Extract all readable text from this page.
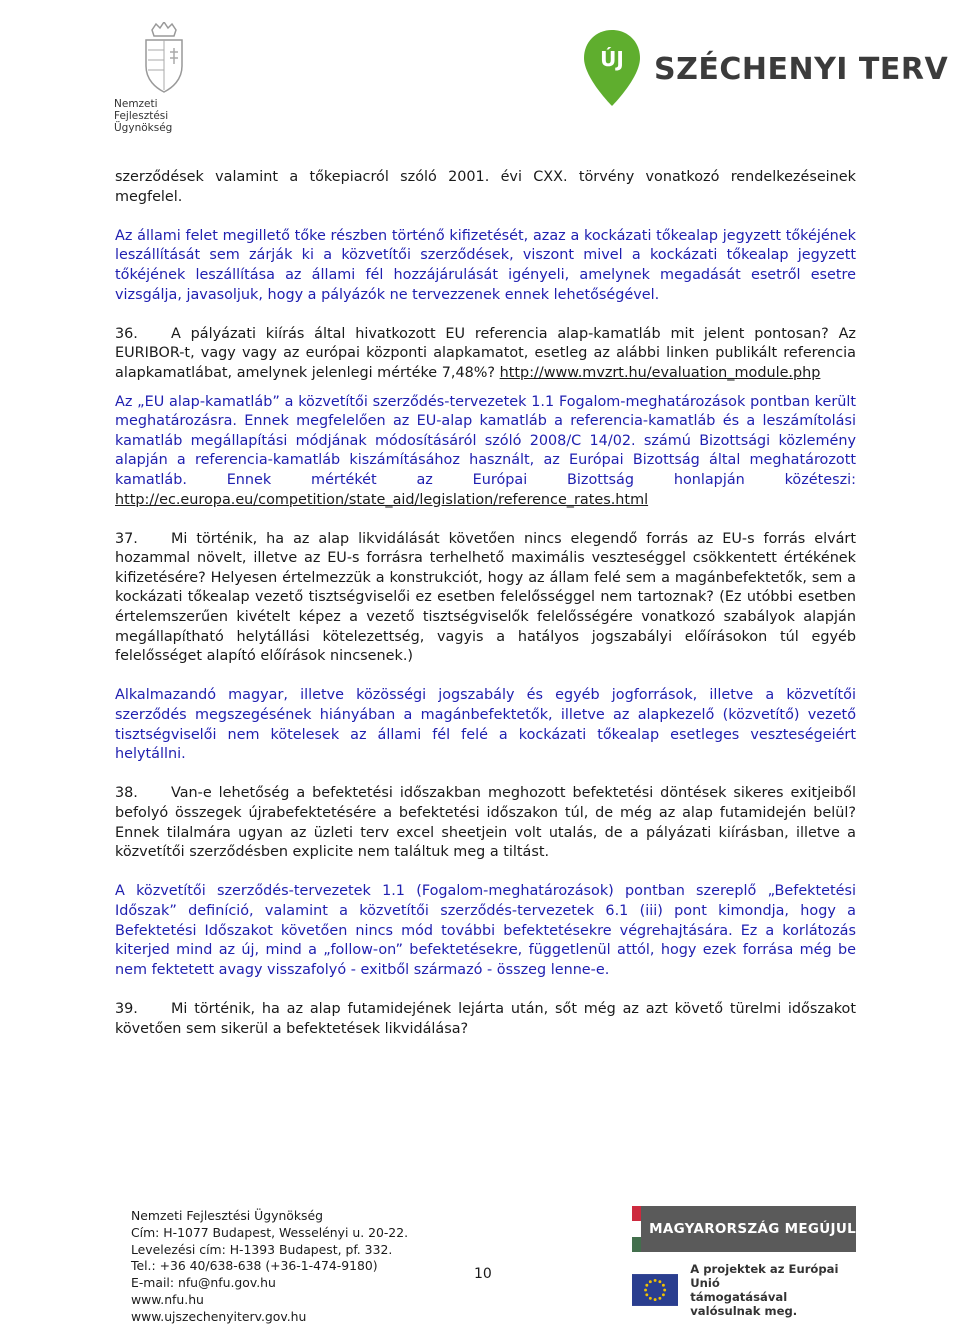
Nemzeti
Fejlesztési Ügynökség
ÚJ SZÉCHENYI TERV

szerződések valamint a tőkepiacról szóló 2001. évi CXX. törvény vonatkozó rendelkezéseinek megfelel.

Az állami felet megillető tőke részben történő kifizetését, azaz a kockázati tőkealap jegyzett tőkéjének leszállítását sem zárják ki a közvetítői szerződések, viszont mivel a kockázati tőkealap jegyzett tőkéjének leszállítása az állami fél hozzájárulását igényeli, amelynek megadását esetről esetre vizsgálja, javasoljuk, hogy a pályázók ne tervezzenek ennek lehetőségével.

36. A pályázati kiírás által hivatkozott EU referencia alap-kamatláb mit jelent pontosan? Az EURIBOR-t, vagy vagy az európai központi alapkamatot, esetleg az alábbi linken publikált referencia alapkamatlábat, amelynek jelenlegi mértéke 7,48%? http://www.mvzrt.hu/evaluation_module.php

Az „EU alap-kamatláb” a közvetítői szerződés-tervezetek 1.1 Fogalom-meghatározások pontban került meghatározásra. Ennek megfelelően az EU-alap kamatláb a referencia-kamatláb és a leszámítolási kamatláb megállapítási módjának módosításáról szóló 2008/C 14/02. számú Bizottsági közlemény alapján a referencia-kamatláb kiszámításához használt, az Európai Bizottság által meghatározott kamatláb. Ennek mértékét az Európai Bizottság honlapján közéteszi: http://ec.europa.eu/competition/state_aid/legislation/reference_rates.html

37. Mi történik, ha az alap likvidálását követően nincs elegendő forrás az EU-s forrás elvárt hozammal növelt, illetve az EU-s forrásra terhelhető maximális veszteséggel csökkentett értékének kifizetésére? Helyesen értelmezzük a konstrukciót, hogy az állam felé sem a magánbefektetők, sem a kockázati tőkealap vezető tisztségviselői ez esetben felelősséggel nem tartoznak? (Ez utóbbi esetben értelemszerűen kivételt képez a vezető tisztségviselők felelősségére vonatkozó szabályok alapján megállapítható helytállási kötelezettség, vagyis a hatályos jogszabályi előírásokon túl egyéb felelősséget alapító előírások nincsenek.)

Alkalmazandó magyar, illetve közösségi jogszabály és egyéb jogforrások, illetve a közvetítői szerződés megszegésének hiányában a magánbefektetők, illetve az alapkezelő (közvetítő) vezető tisztségviselői nem kötelesek az állami fél felé a kockázati tőkealap esetleges veszteségeiért helytállni.

38. Van-e lehetőség a befektetési időszakban meghozott befektetési döntések sikeres exitjeiből befolyó összegek újrabefektetésére a befektetési időszakon túl, de még az alap futamidején belül? Ennek tilalmára ugyan az üzleti terv excel sheetjein volt utalás, de a pályázati kiírásban, illetve a közvetítői szerződésben explicite nem találtuk meg a tiltást.

A közvetítői szerződés-tervezetek 1.1 (Fogalom-meghatározások) pontban szereplő „Befektetési Időszak” definíció, valamint a közvetítői szerződés-tervezetek 6.1 (iii) pont kimondja, hogy a Befektetési Időszakot követően nincs mód további befektetésekre végrehajtására. Ez a korlátozás kiterjed mind az új, mind a „follow-on” befektetésekre, függetlenül attól, hogy ezek forrása még be nem fektetett avagy visszafolyó - exitből származó - összeg lenne-e.

39. Mi történik, ha az alap futamidejének lejárta után, sőt még az azt követő türelmi időszakot követően sem sikerül a befektetések likvidálása?

Nemzeti Fejlesztési Ügynökség
Cím: H-1077 Budapest, Wesselényi u. 20-22.
Levelezési cím: H-1393 Budapest, pf. 332.
Tel.: +36 40/638-638 (+36-1-474-9180)
E-mail: nfu@nfu.gov.hu
www.nfu.hu
www.ujszechenyiterv.gov.hu
10
MAGYARORSZÁG MEGÚJUL
A projektek az Európai Unió
támogatásával valósulnak meg.
